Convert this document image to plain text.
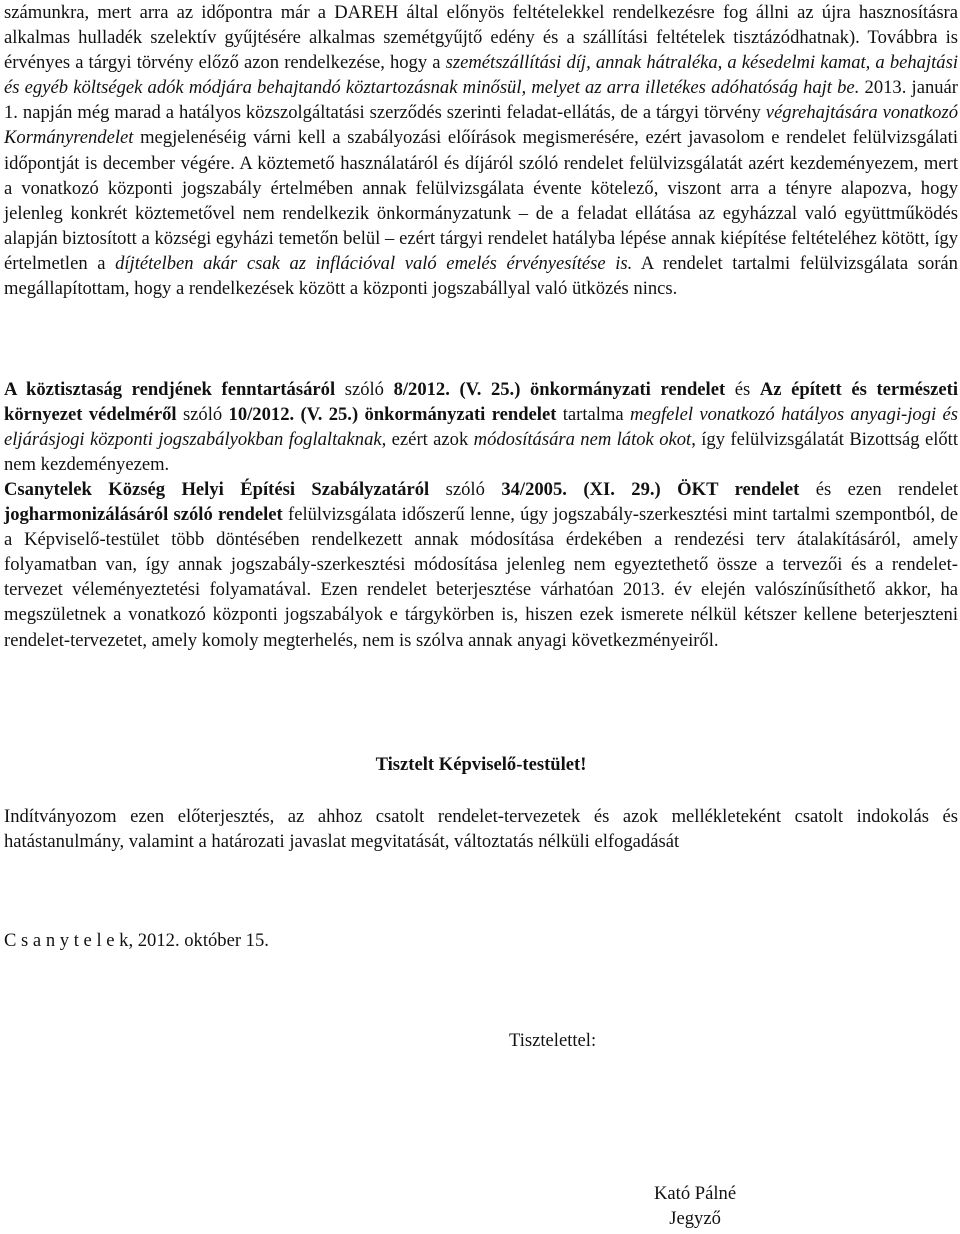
számunkra, mert arra az időpontra már a DAREH által előnyös feltételekkel rendelkezésre fog állni az újra hasznosításra alkalmas hulladék szelektív gyűjtésére alkalmas szemétgyűjtő edény és a szállítási feltételek tisztázódhatnak). Továbbra is érvényes a tárgyi törvény előző azon rendelkezése, hogy a szemétszállítási díj, annak hátraléka, a késedelmi kamat, a behajtási és egyéb költségek adók módjára behajtandó köztartozásnak minősül, melyet az arra illetékes adóhatóság hajt be. 2013. január 1. napján még marad a hatályos közszolgáltatási szerződés szerinti feladat-ellátás, de a tárgyi törvény végrehajtására vonatkozó Kormányrendelet megjelenéséig várni kell a szabályozási előírások megismerésére, ezért javasolom e rendelet felülvizsgálati időpontját is december végére. A köztemető használatáról és díjáról szóló rendelet felülvizsgálatát azért kezdeményezem, mert a vonatkozó központi jogszabály értelmében annak felülvizsgálata évente kötelező, viszont arra a tényre alapozva, hogy jelenleg konkrét köztemetővel nem rendelkezik önkormányzatunk – de a feladat ellátása az egyházzal való együttműködés alapján biztosított a községi egyházi temetőn belül – ezért tárgyi rendelet hatályba lépése annak kiépítése feltételéhez kötött, így értelmetlen a díjtételben akár csak az inflációval való emelés érvényesítése is. A rendelet tartalmi felülvizsgálata során megállapítottam, hogy a rendelkezések között a központi jogszabállyal való ütközés nincs.

A köztisztaság rendjének fenntartásáról szóló 8/2012. (V. 25.) önkormányzati rendelet és Az épített és természeti környezet védelméről szóló 10/2012. (V. 25.) önkormányzati rendelet tartalma megfelel vonatkozó hatályos anyagi-jogi és eljárásjogi központi jogszabályokban foglaltaknak, ezért azok módosítására nem látok okot, így felülvizsgálatát Bizottság előtt nem kezdeményezem.

Csanytelek Község Helyi Építési Szabályzatáról szóló 34/2005. (XI. 29.) ÖKT rendelet és ezen rendelet jogharmonizálásáról szóló rendelet felülvizsgálata időszerű lenne, úgy jogszabály-szerkesztési mint tartalmi szempontból, de a Képviselő-testület több döntésében rendelkezett annak módosítása érdekében a rendezési terv átalakításáról, amely folyamatban van, így annak jogszabály-szerkesztési módosítása jelenleg nem egyeztethető össze a tervezői és a rendelet-tervezet véleményeztetési folyamatával. Ezen rendelet beterjesztése várhatóan 2013. év elején valószínűsíthető akkor, ha megszületnek a vonatkozó központi jogszabályok e tárgykörben is, hiszen ezek ismerete nélkül kétszer kellene beterjeszteni rendelet-tervezetet, amely komoly megterhelés, nem is szólva annak anyagi következményeiről.

Tisztelt Képviselő-testület!

Indítványozom ezen előterjesztés, az ahhoz csatolt rendelet-tervezetek és azok mellékleteként csatolt indokolás és hatástanulmány, valamint a határozati javaslat megvitatását, változtatás nélküli elfogadását

C s a n y t e l e k, 2012. október 15.
Tisztelettel:
Kató Pálné
Jegyző
